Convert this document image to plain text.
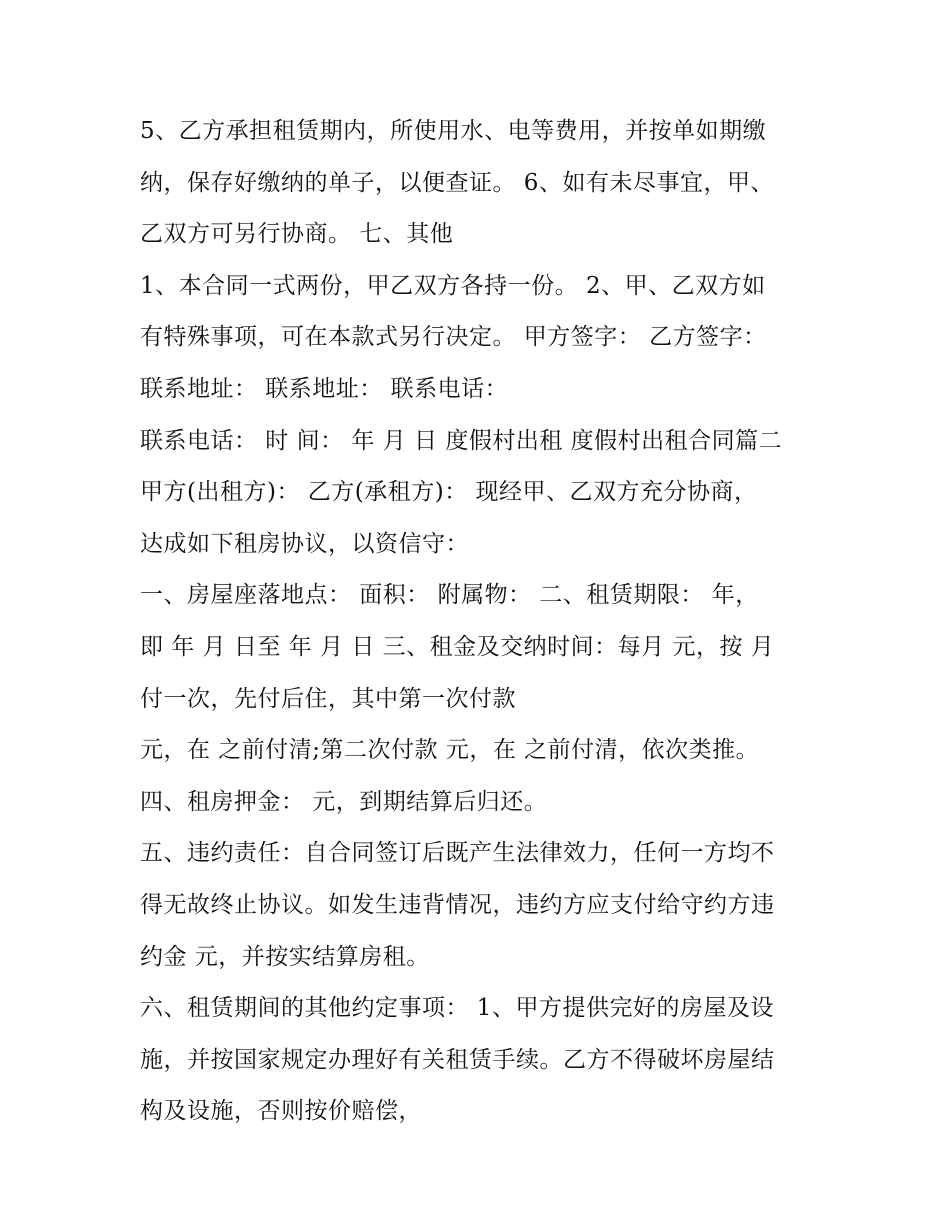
5、乙方承担租赁期内，所使用水、电等费用，并按单如期缴
纳，保存好缴纳的单子，以便查证。 6、如有未尽事宜，甲、
乙双方可另行协商。 七、其他
1、本合同一式两份，甲乙双方各持一份。 2、甲、乙双方如
有特殊事项，可在本款式另行决定。 甲方签字： 乙方签字：
联系地址： 联系地址： 联系电话：
联系电话： 时 间： 年 月 日 度假村出租 度假村出租合同篇二
甲方(出租方)： 乙方(承租方)： 现经甲、乙双方充分协商，
达成如下租房协议，以资信守：
一、房屋座落地点： 面积： 附属物： 二、租赁期限： 年，
即 年 月 日至 年 月 日 三、租金及交纳时间：每月 元，按 月
付一次，先付后住，其中第一次付款
元，在 之前付清;第二次付款 元，在 之前付清，依次类推。
四、租房押金： 元，到期结算后归还。
五、违约责任：自合同签订后既产生法律效力，任何一方均不
得无故终止协议。如发生违背情况，违约方应支付给守约方违
约金 元，并按实结算房租。
六、租赁期间的其他约定事项： 1、甲方提供完好的房屋及设
施，并按国家规定办理好有关租赁手续。乙方不得破坏房屋结
构及设施，否则按价赔偿，
